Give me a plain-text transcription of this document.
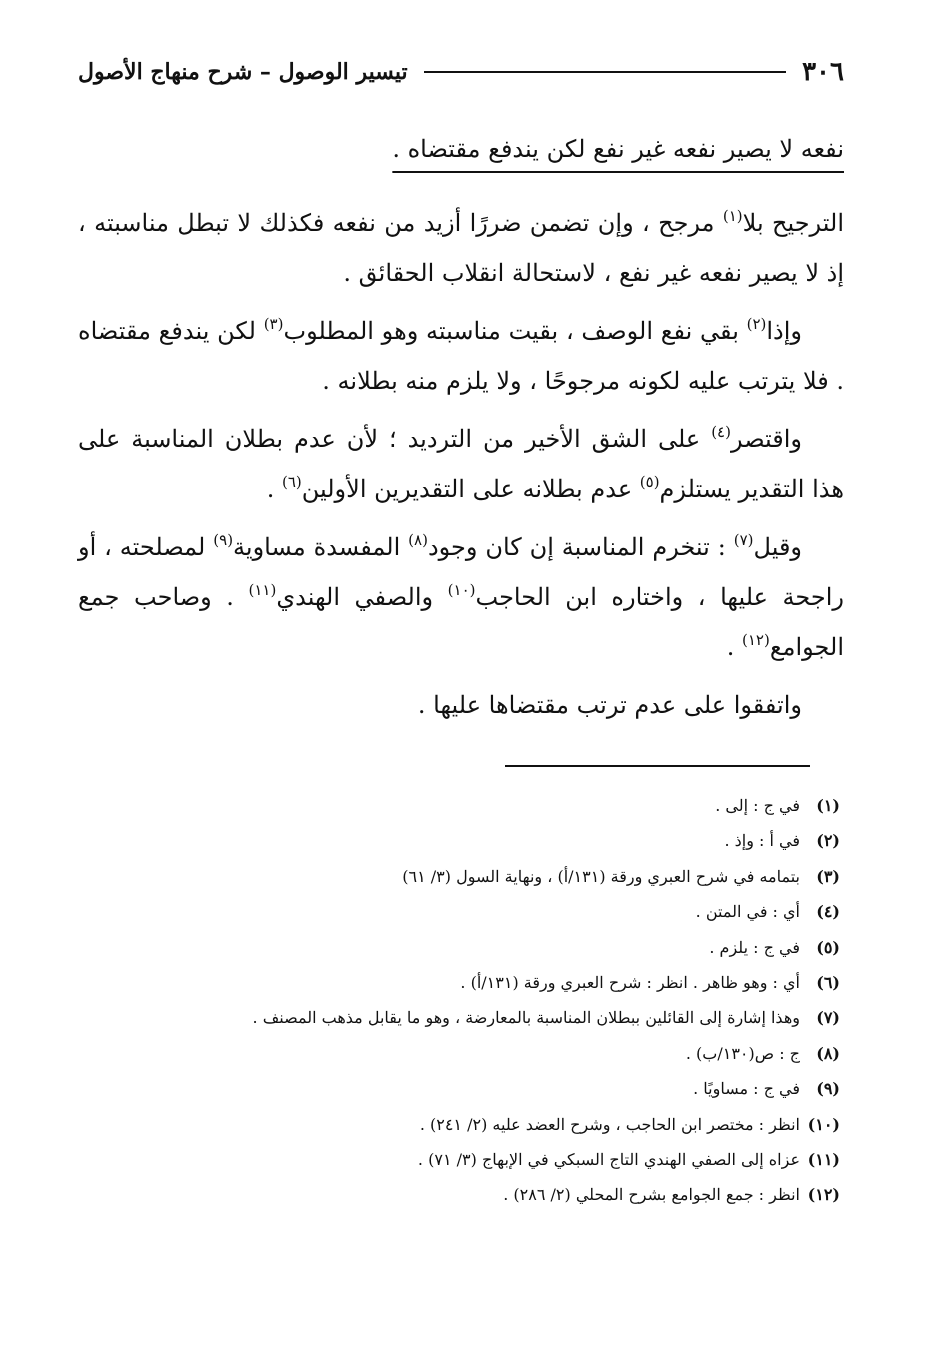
٣٠٦
تيسير الوصول – شرح منهاج الأصول

نفعه لا يصير نفعه غير نفع لكن يندفع مقتضاه .

الترجيح بلا$^{(١)}$ مرجح ، وإن تضمن ضررًا أزيد من نفعه فكذلك لا تبطل مناسبته ، إذ لا يصير نفعه غير نفع ، لاستحالة انقلاب الحقائق .

وإذا$^{(٢)}$ بقي نفع الوصف ، بقيت مناسبته وهو المطلوب$^{(٣)}$ لكن يندفع مقتضاه . فلا يترتب عليه لكونه مرجوحًا ، ولا يلزم منه بطلانه .

واقتصر$^{(٤)}$ على الشق الأخير من الترديد ؛ لأن عدم بطلان المناسبة على هذا التقدير يستلزم$^{(٥)}$ عدم بطلانه على التقديرين الأولين$^{(٦)}$ .

وقيل$^{(٧)}$ : تنخرم المناسبة إن كان وجود$^{(٨)}$ المفسدة مساوية$^{(٩)}$ لمصلحته ، أو راجحة عليها ، واختاره ابن الحاجب$^{(١٠)}$ والصفي الهندي$^{(١١)}$ . وصاحب جمع الجوامع$^{(١٢)}$ .

واتفقوا على عدم ترتب مقتضاها عليها .

(١)في ج : إلى .
(٢)في أ : وإذ .
(٣)بتمامه في شرح العبري ورقة (١٣١/أ) ، ونهاية السول (٣/ ٦١)
(٤)أي : في المتن .
(٥)في ج : يلزم .
(٦)أي : وهو ظاهر . انظر : شرح العبري ورقة (١٣١/أ) .
(٧)وهذا إشارة إلى القائلين ببطلان المناسبة بالمعارضة ، وهو ما يقابل مذهب المصنف .
(٨)ج : ص(١٣٠/ب) .
(٩)في ج : مساويًا .
(١٠)انظر : مختصر ابن الحاجب ، وشرح العضد عليه (٢/ ٢٤١) .
(١١)عزاه إلى الصفي الهندي التاج السبكي في الإبهاج (٣/ ٧١) .
(١٢)انظر : جمع الجوامع بشرح المحلي (٢/ ٢٨٦) .
